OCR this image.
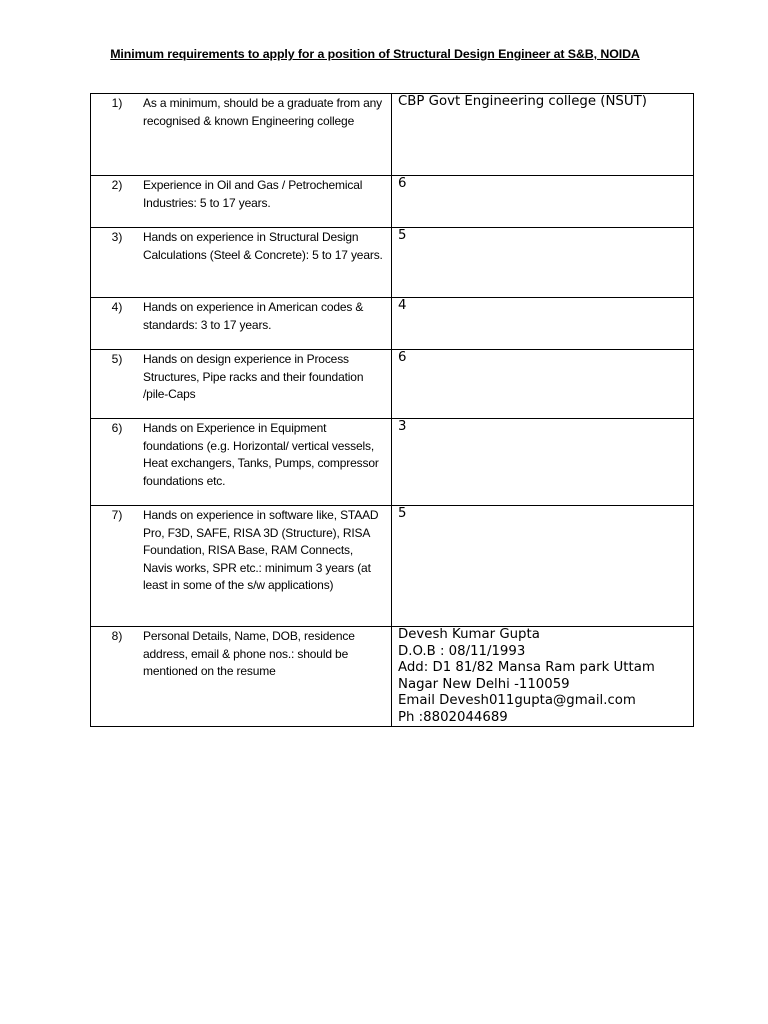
Minimum requirements to apply for a position of Structural Design Engineer at S&B, NOIDA
1) As a minimum, should be a graduate from any recognised & known Engineering college	CBP Govt Engineering college (NSUT)

2) Experience in Oil and Gas / Petrochemical Industries: 5 to 17 years.	6

3) Hands on experience in Structural Design Calculations (Steel & Concrete): 5 to 17 years.	5

4) Hands on experience in American codes & standards: 3 to 17 years.	4

5) Hands on design experience in Process Structures, Pipe racks and their foundation /pile-Caps	6

6) Hands on Experience in Equipment foundations (e.g. Horizontal/ vertical vessels, Heat exchangers, Tanks, Pumps, compressor foundations etc.	3

7) Hands on experience in software like, STAAD Pro, F3D, SAFE, RISA 3D (Structure), RISA Foundation, RISA Base, RAM Connects, Navis works, SPR etc.: minimum 3 years (at least in some of the s/w applications)	5

8) Personal Details, Name, DOB, residence address, email & phone nos.: should be mentioned on the resume	Devesh Kumar Gupta
D.O.B : 08/11/1993
Add: D1 81/82 Mansa Ram park Uttam Nagar New Delhi -110059
Email Devesh011gupta@gmail.com
Ph :8802044689
